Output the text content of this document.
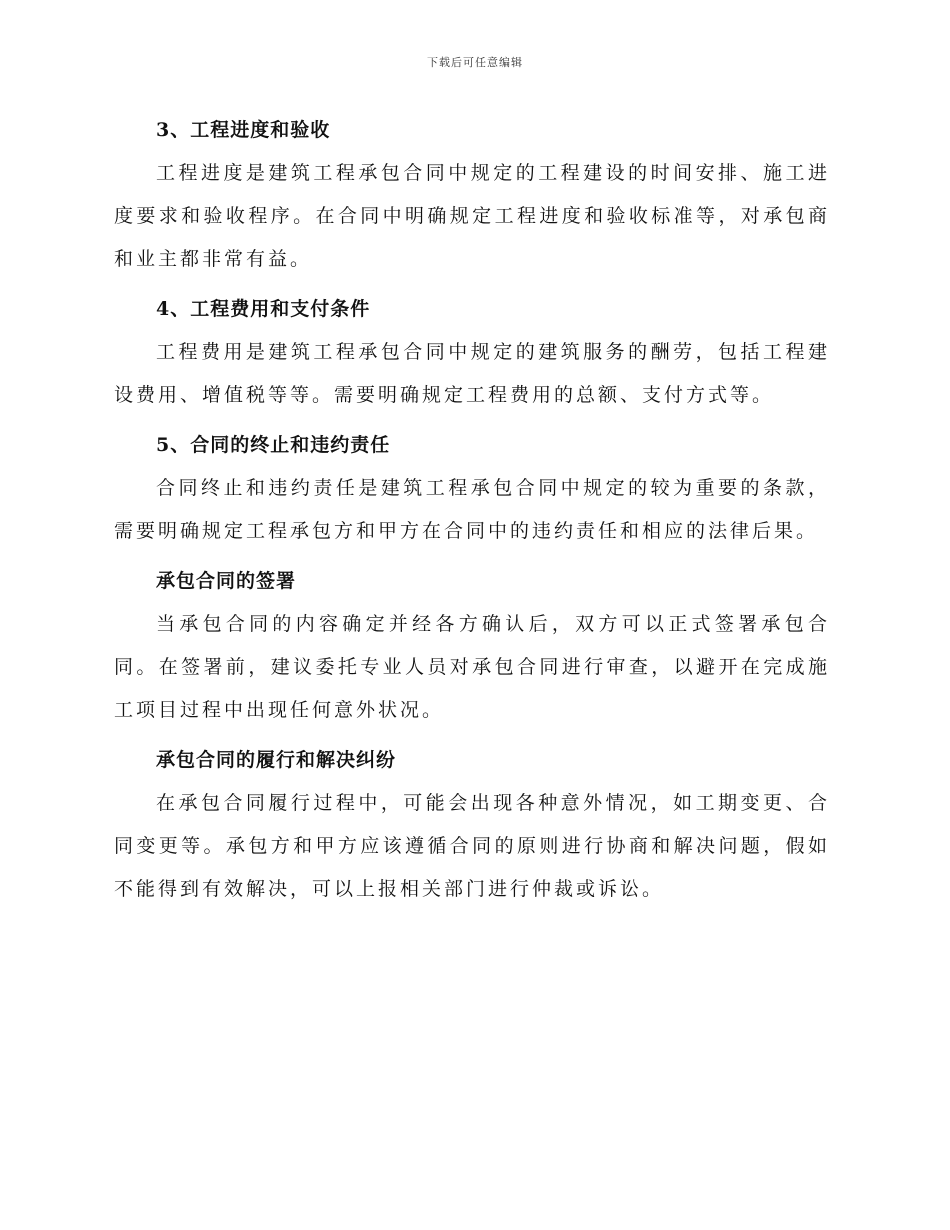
下载后可任意编辑
3、工程进度和验收

工程进度是建筑工程承包合同中规定的工程建设的时间安排、施工进度要求和验收程序。在合同中明确规定工程进度和验收标准等，对承包商和业主都非常有益。

4、工程费用和支付条件

工程费用是建筑工程承包合同中规定的建筑服务的酬劳，包括工程建设费用、增值税等等。需要明确规定工程费用的总额、支付方式等。

5、合同的终止和违约责任

合同终止和违约责任是建筑工程承包合同中规定的较为重要的条款，需要明确规定工程承包方和甲方在合同中的违约责任和相应的法律后果。

承包合同的签署

当承包合同的内容确定并经各方确认后，双方可以正式签署承包合同。在签署前，建议委托专业人员对承包合同进行审查，以避开在完成施工项目过程中出现任何意外状况。

承包合同的履行和解决纠纷

在承包合同履行过程中，可能会出现各种意外情况，如工期变更、合同变更等。承包方和甲方应该遵循合同的原则进行协商和解决问题，假如不能得到有效解决，可以上报相关部门进行仲裁或诉讼。
